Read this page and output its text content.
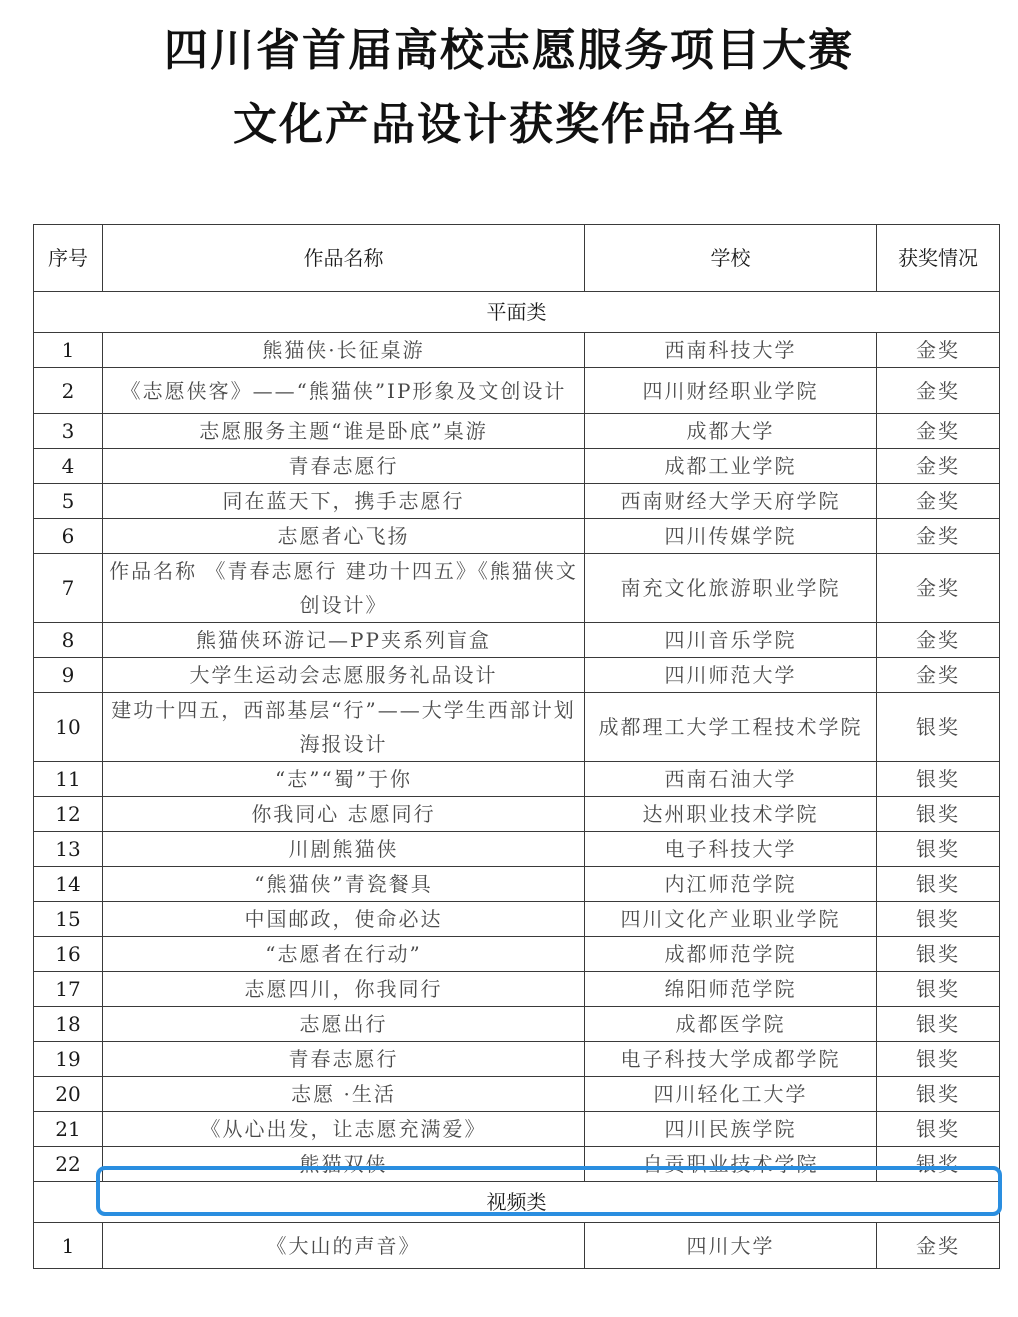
四川省首届高校志愿服务项目大赛
文化产品设计获奖作品名单
序号	作品名称	学校	获奖情况
平面类			
1	熊猫侠·长征桌游	西南科技大学	金奖
2	《志愿侠客》——“熊猫侠”IP形象及文创设计	四川财经职业学院	金奖
3	志愿服务主题“谁是卧底”桌游	成都大学	金奖
4	青春志愿行	成都工业学院	金奖
5	同在蓝天下，携手志愿行	西南财经大学天府学院	金奖
6	志愿者心飞扬	四川传媒学院	金奖
7	作品名称 《青春志愿行 建功十四五》《熊猫侠文创设计》	南充文化旅游职业学院	金奖
8	熊猫侠环游记—PP夹系列盲盒	四川音乐学院	金奖
9	大学生运动会志愿服务礼品设计	四川师范大学	金奖
10	建功十四五，西部基层“行”——大学生西部计划海报设计	成都理工大学工程技术学院	银奖
11	“志”“蜀”于你	西南石油大学	银奖
12	你我同心 志愿同行	达州职业技术学院	银奖
13	川剧熊猫侠	电子科技大学	银奖
14	“熊猫侠”青瓷餐具	内江师范学院	银奖
15	中国邮政，使命必达	四川文化产业职业学院	银奖
16	“志愿者在行动”	成都师范学院	银奖
17	志愿四川，你我同行	绵阳师范学院	银奖
18	志愿出行	成都医学院	银奖
19	青春志愿行	电子科技大学成都学院	银奖
20	志愿 ·生活	四川轻化工大学	银奖
21	《从心出发，让志愿充满爱》	四川民族学院	银奖
22	熊猫双侠	自贡职业技术学院	银奖
视频类			
1	《大山的声音》	四川大学	金奖
